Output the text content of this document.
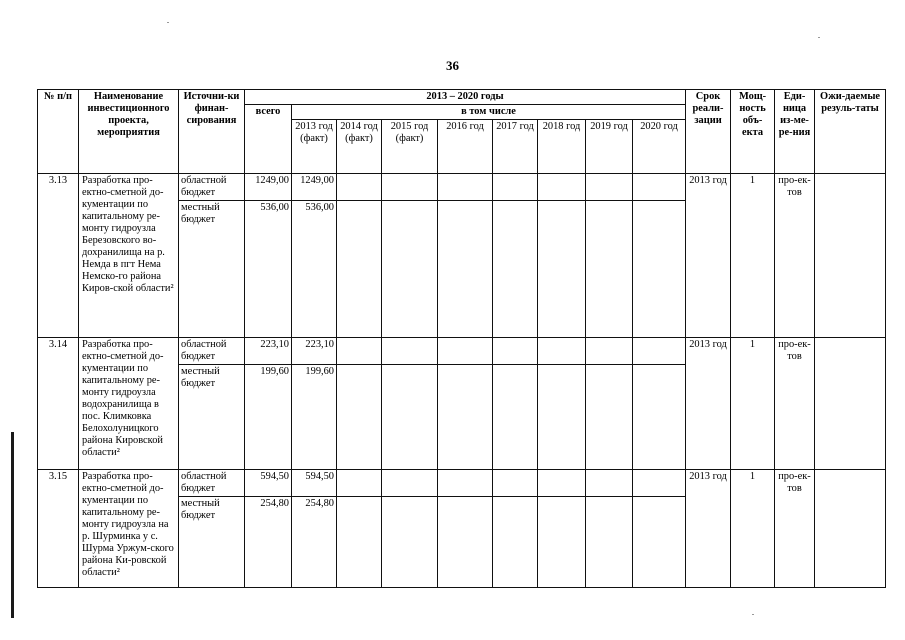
36
№ п/п	Наименование инвестиционного проекта, мероприятия	Источни-ки финан-сирования	2013 – 2020 годы									Срок реали-зации	Мощ-ность объ-екта	Еди-ница из-ме-ре-ния	Ожи-даемые резуль-таты
			всего	в том числе											
				2013 год (факт)	2014 год (факт)	2015 год (факт)	2016 год	2017 год	2018 год	2019 год	2020 год				
3.13	Разработка про-ектно-сметной до-кументации по капитальному ре-монту гидроузла Березовского во-дохранилища на р. Немда в пгт Нема Немско-го района Киров-ской области²	областной бюджет	1249,00	1249,00								2013 год	1	про-ек-тов	
		местный бюджет	536,00	536,00											
3.14	Разработка про-ектно-сметной до-кументации по капитальному ре-монту гидроузла водохранилища в пос. Климковка Белохолуницкого района Кировской области²	областной бюджет	223,10	223,10								2013 год	1	про-ек-тов	
		местный бюджет	199,60	199,60											
3.15	Разработка про-ектно-сметной до-кументации по капитальному ре-монту гидроузла на р. Шурминка у с. Шурма Уржум-ского района Ки-ровской области²	областной бюджет	594,50	594,50								2013 год	1	про-ек-тов	
		местный бюджет	254,80	254,80											
